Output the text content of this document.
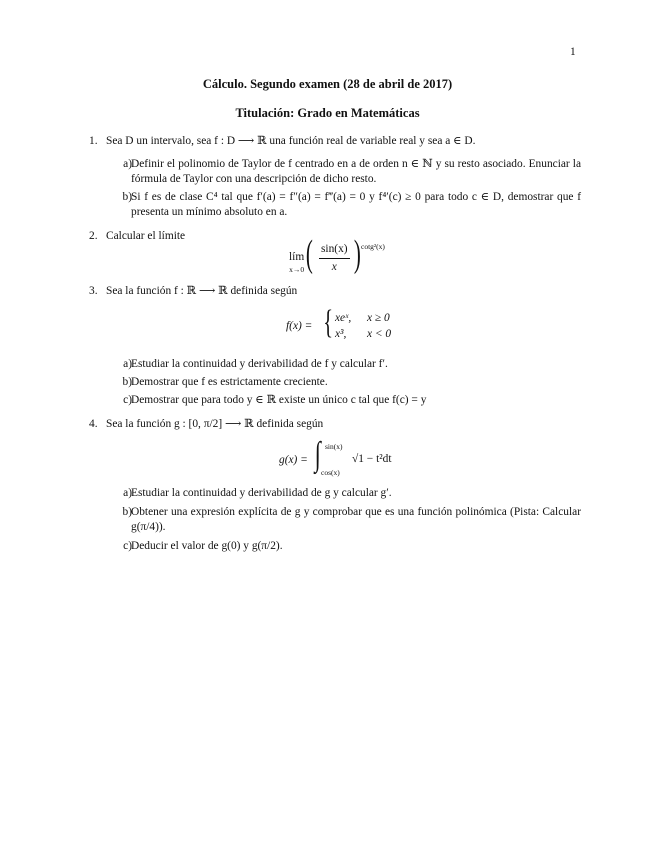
1
Cálculo. Segundo examen (28 de abril de 2017)
Titulación: Grado en Matemáticas
1. Sea D un intervalo, sea f : D ⟶ ℝ una función real de variable real y sea a ∈ D.
a) Definir el polinomio de Taylor de f centrado en a de orden n ∈ ℕ y su resto asociado. Enunciar la fórmula de Taylor con una descripción de dicho resto.
b) Si f es de clase C⁴ tal que f′(a) = f″(a) = f‴(a) = 0 y f⁴′(c) ≥ 0 para todo c ∈ D, demostrar que f presenta un mínimo absoluto en a.
2. Calcular el límite
lím
x→0 ( $\frac{\sin(x)}{x}$ ) cotg²(x)
3. Sea la función f : ℝ ⟶ ℝ definida según
f(x) = { xeˣ, x ≥ 0
x³, x < 0
a) Estudiar la continuidad y derivabilidad de f y calcular f′.
b) Demostrar que f es estrictamente creciente.
c) Demostrar que para todo y ∈ ℝ existe un único c tal que f(c) = y
4. Sea la función g : [0, π/2] ⟶ ℝ definida según
g(x) = ∫ sin(x)
cos(x)
√1 − t²dt
a) Estudiar la continuidad y derivabilidad de g y calcular g′.
b) Obtener una expresión explícita de g y comprobar que es una función polinómica (Pista: Calcular g(π/4)).
c) Deducir el valor de g(0) y g(π/2).
